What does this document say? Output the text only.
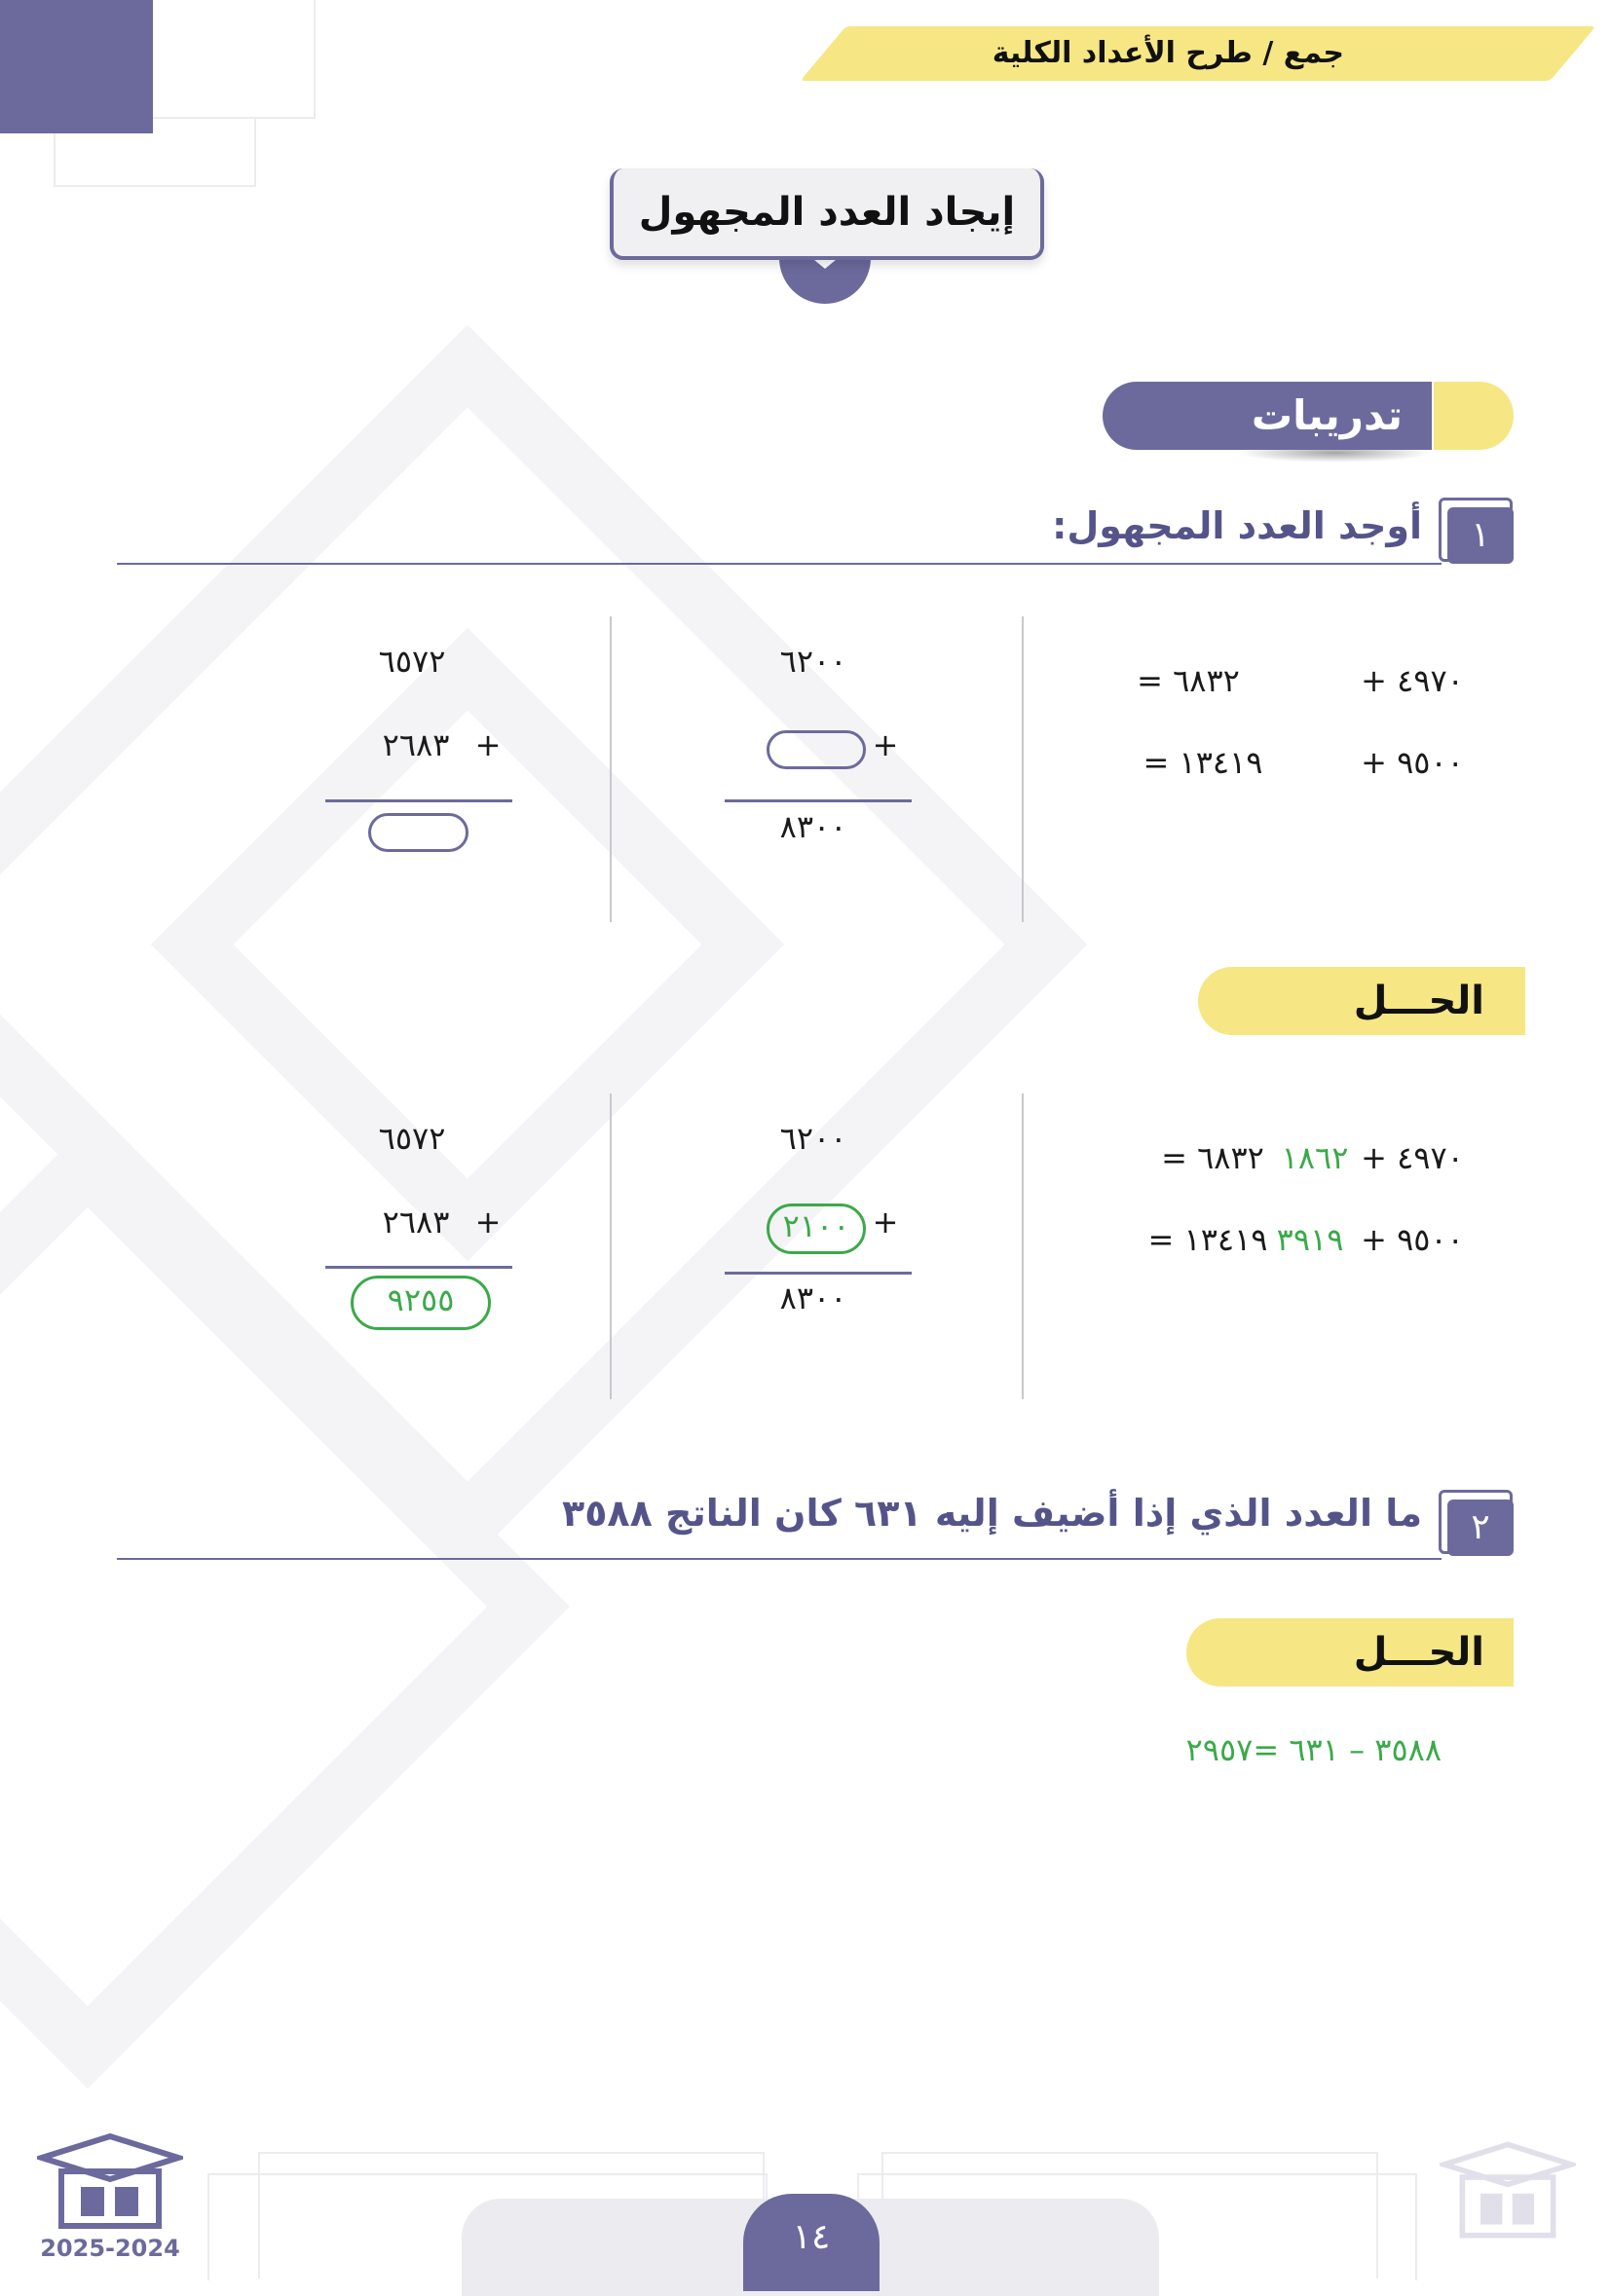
جمع / طرح الأعداد الكلية
إيجاد العدد المجهول
تدريبات
١
أوجد العدد المجهول:
+ ٤٩٧٠
= ٦٨٣٢
+ ٩٥٠٠
= ١٣٤١٩
٦٢٠٠
+
٨٣٠٠
٦٥٧٢
٢٦٨٣ +
الحـــل
+ ٤٩٧٠
١٨٦٢
= ٦٨٣٢
+ ٩٥٠٠
٣٩١٩
= ١٣٤١٩
٦٢٠٠
٢١٠٠ +
٨٣٠٠
٦٥٧٢
٢٦٨٣ +
٩٢٥٥
٢
ما العدد الذي إذا أضيف إليه ٦٣١ كان الناتج ٣٥٨٨
الحـــل
٣٥٨٨ – ٦٣١ =٢٩٥٧
١٤
2025-2024
